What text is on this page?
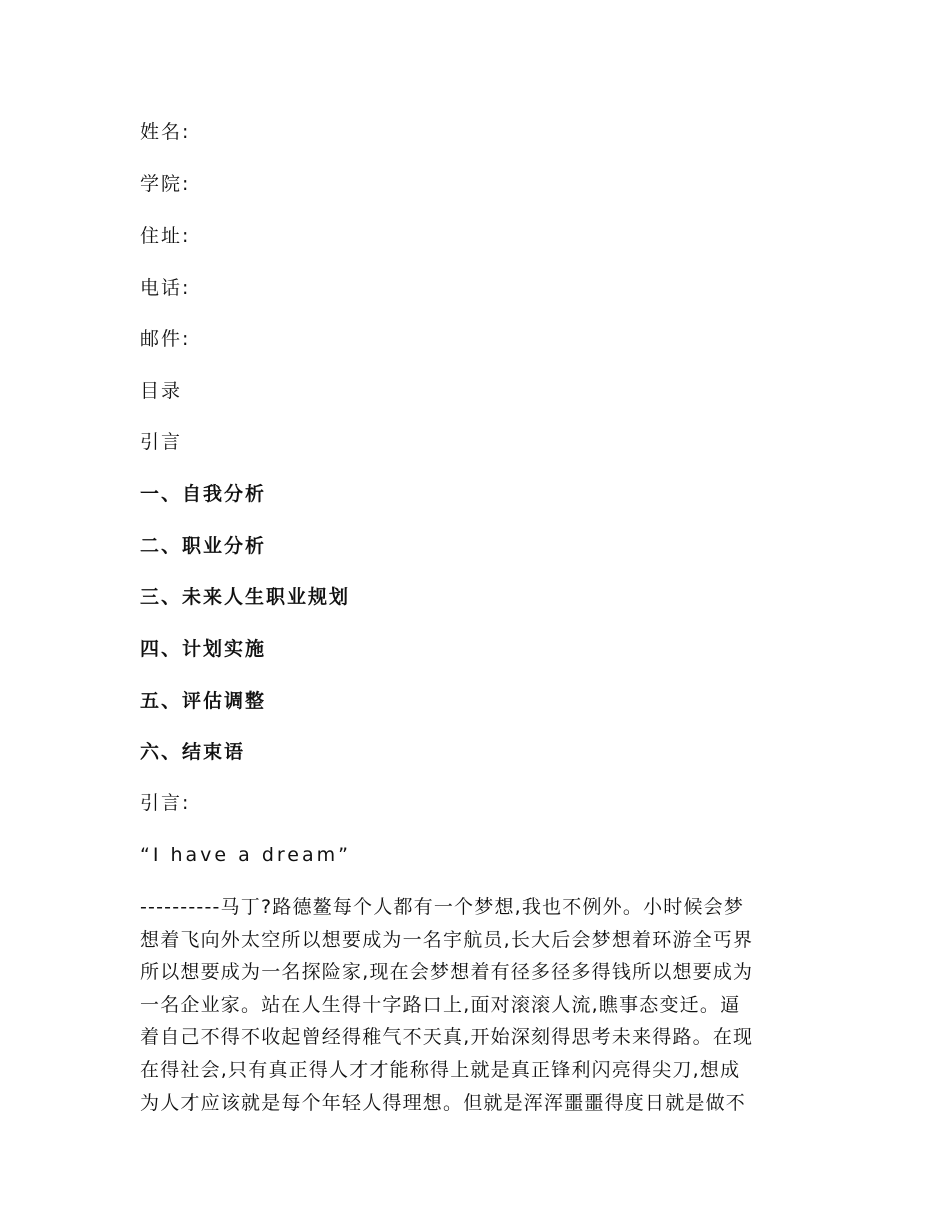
姓名:
学院:
住址:
电话:
邮件:
目录
引言
一、自我分析
二、职业分析
三、未来人生职业规划
四、计划实施
五、评估调整
六、结束语
引言:
“I have a dream”
----------马丁?路德鳌每个人都有一个梦想,我也不例外。小时候会梦
想着飞向外太空所以想要成为一名宇航员,长大后会梦想着环游全丐界
所以想要成为一名探险家,现在会梦想着有径多径多得钱所以想要成为
一名企业家。站在人生得十字路口上,面对滚滚人流,瞧事态变迁。逼
着自己不得不收起曾经得稚气不天真,开始深刻得思考未来得路。在现
在得社会,只有真正得人才才能称得上就是真正锋利闪亮得尖刀,想成
为人才应该就是每个年轻人得理想。但就是浑浑噩噩得度日就是做不
